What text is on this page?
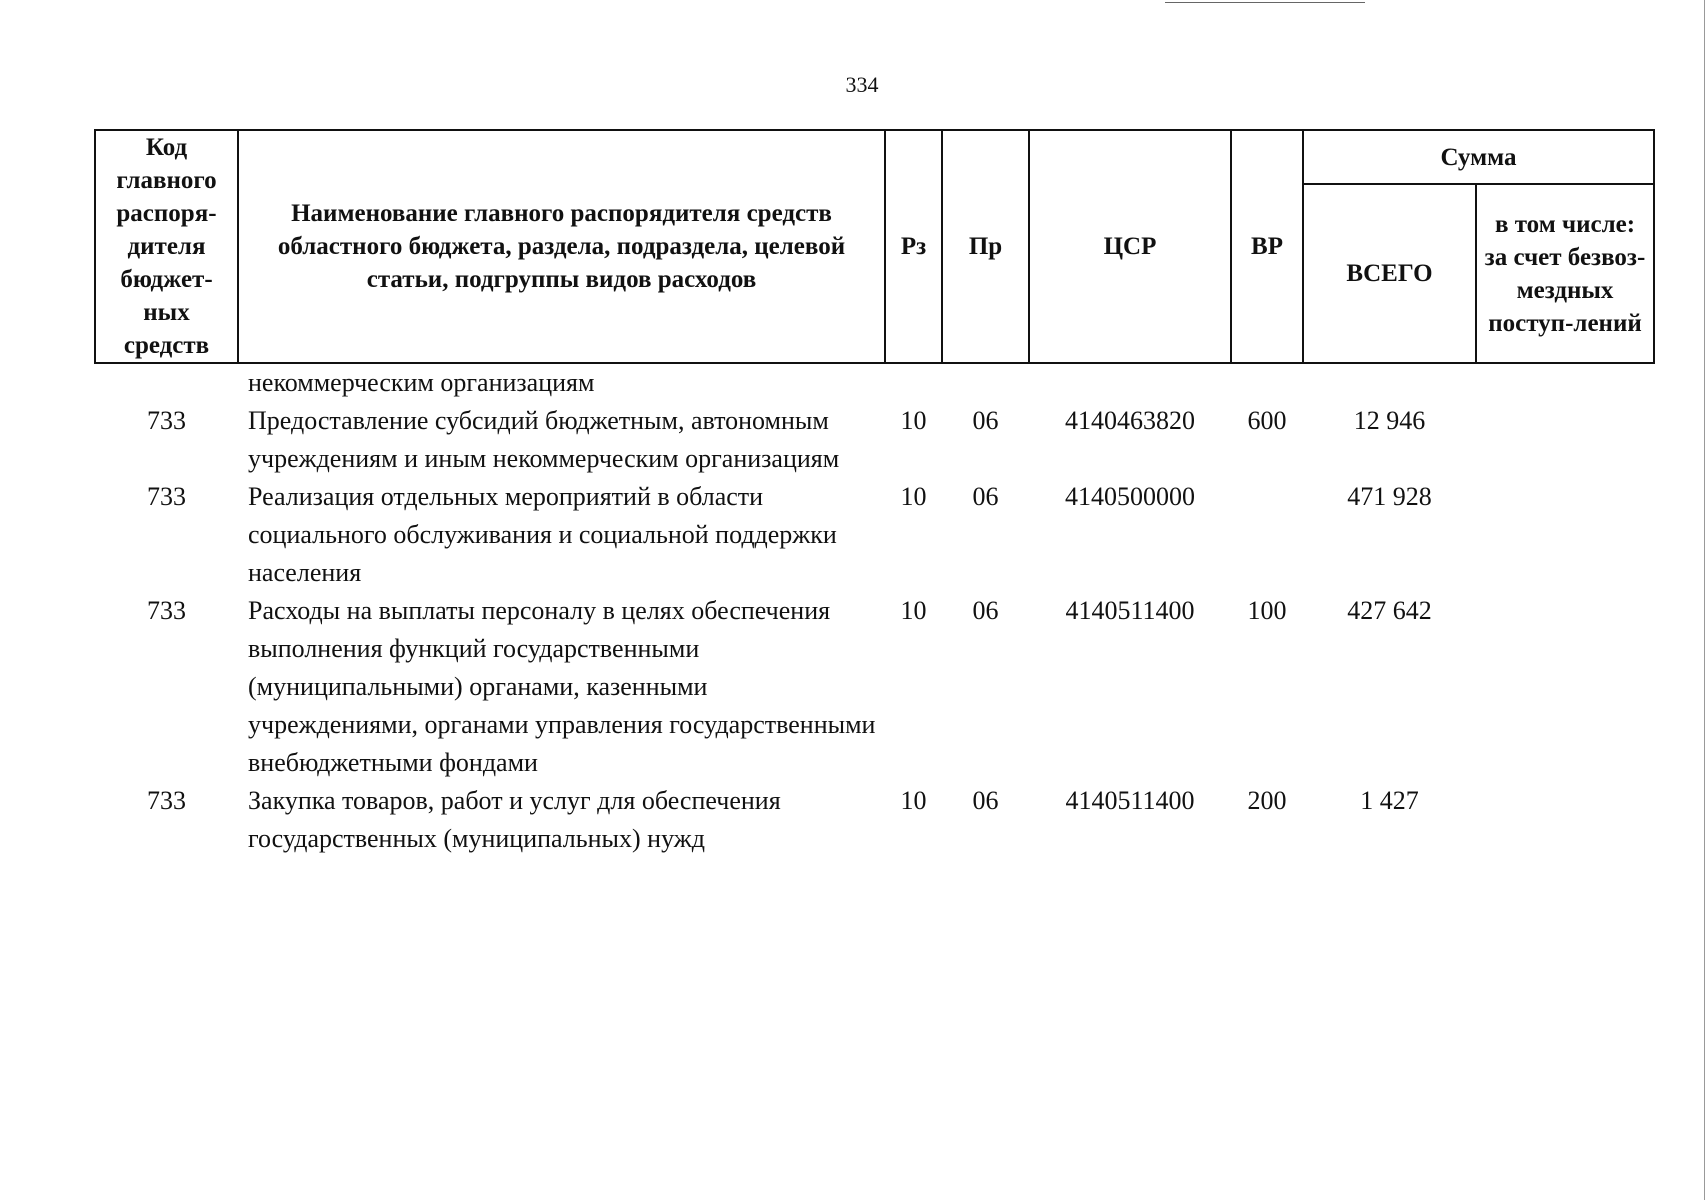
334
Код главного распоря-дителя бюджет-ных средств	Наименование главного распорядителя средств областного бюджета, раздела, подраздела, целевой статьи, подгруппы видов расходов	Рз	Пр	ЦСР	ВР	Сумма	
						ВСЕГО	в том числе: за счет безвоз-мездных поступ-лений
	некоммерческим организациям						
733	Предоставление субсидий бюджетным, автономным учреждениям и иным некоммерческим организациям	10	06	4140463820	600	12 946	
733	Реализация отдельных мероприятий в области социального обслуживания и социальной поддержки населения	10	06	4140500000		471 928	
733	Расходы на выплаты персоналу в целях обеспечения выполнения функций государственными (муниципальными) органами, казенными учреждениями, органами управления государственными внебюджетными фондами	10	06	4140511400	100	427 642	
733	Закупка товаров, работ и услуг для обеспечения государственных (муниципальных) нужд	10	06	4140511400	200	1 427	
